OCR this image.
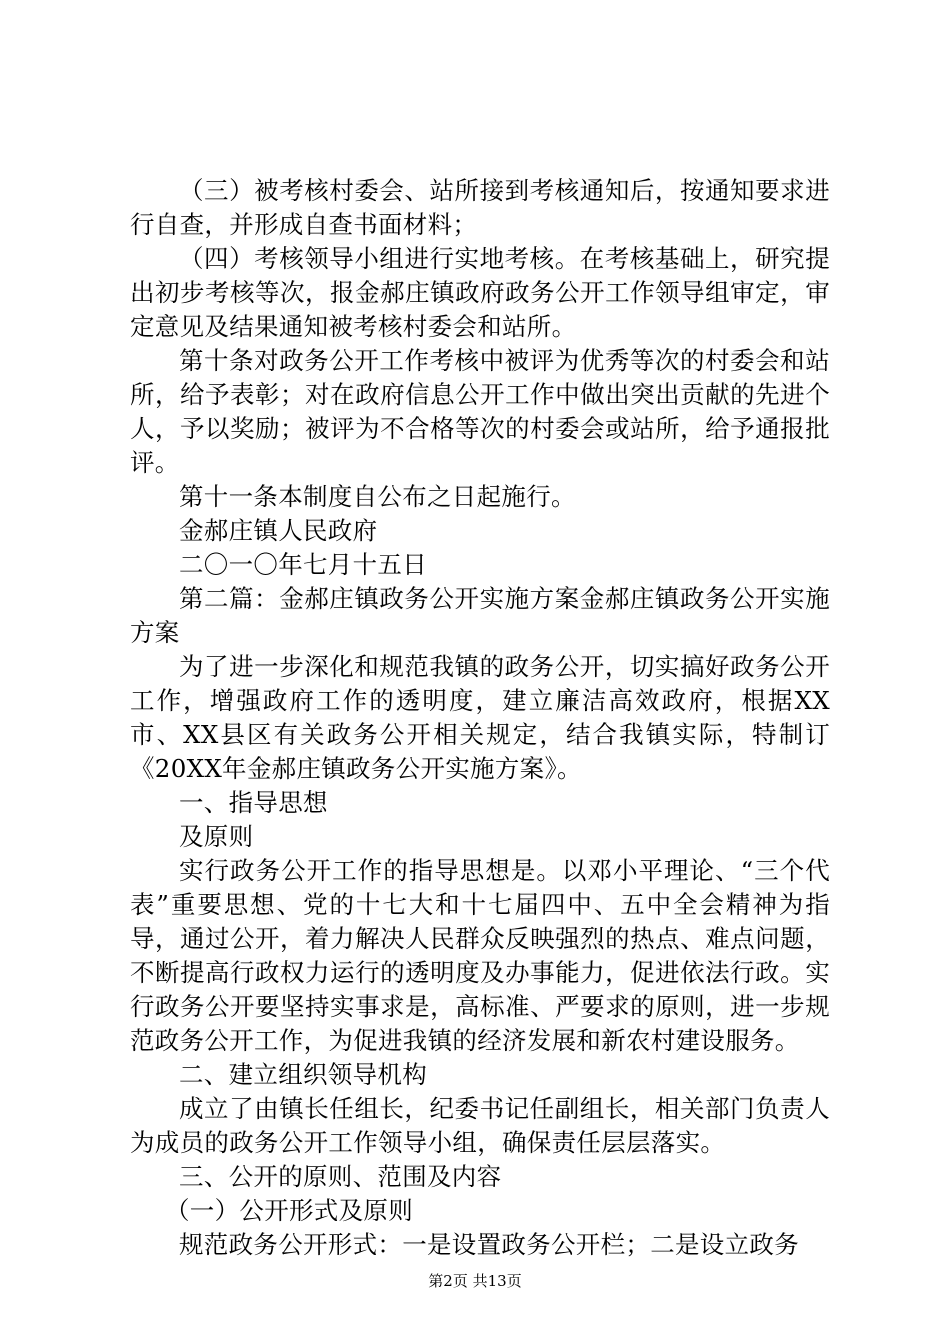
（三）被考核村委会、站所接到考核通知后，按通知要求进行自查，并形成自查书面材料；

（四）考核领导小组进行实地考核。在考核基础上，研究提出初步考核等次，报金郝庄镇政府政务公开工作领导组审定，审定意见及结果通知被考核村委会和站所。

第十条对政务公开工作考核中被评为优秀等次的村委会和站所，给予表彰；对在政府信息公开工作中做出突出贡献的先进个人，予以奖励；被评为不合格等次的村委会或站所，给予通报批评。

第十一条本制度自公布之日起施行。

金郝庄镇人民政府

二〇一〇年七月十五日

第二篇：金郝庄镇政务公开实施方案金郝庄镇政务公开实施方案

为了进一步深化和规范我镇的政务公开，切实搞好政务公开工作，增强政府工作的透明度，建立廉洁高效政府，根据XX市、XX县区有关政务公开相关规定，结合我镇实际，特制订《20XX年金郝庄镇政务公开实施方案》。

一、指导思想

及原则

实行政务公开工作的指导思想是。以邓小平理论、“三个代表”重要思想、党的十七大和十七届四中、五中全会精神为指导，通过公开，着力解决人民群众反映强烈的热点、难点问题，不断提高行政权力运行的透明度及办事能力，促进依法行政。实行政务公开要坚持实事求是，高标准、严要求的原则，进一步规范政务公开工作，为促进我镇的经济发展和新农村建设服务。

二、建立组织领导机构

成立了由镇长任组长，纪委书记任副组长，相关部门负责人为成员的政务公开工作领导小组，确保责任层层落实。

三、公开的原则、范围及内容

（一）公开形式及原则

规范政务公开形式：一是设置政务公开栏；二是设立政务

第2页 共13页
